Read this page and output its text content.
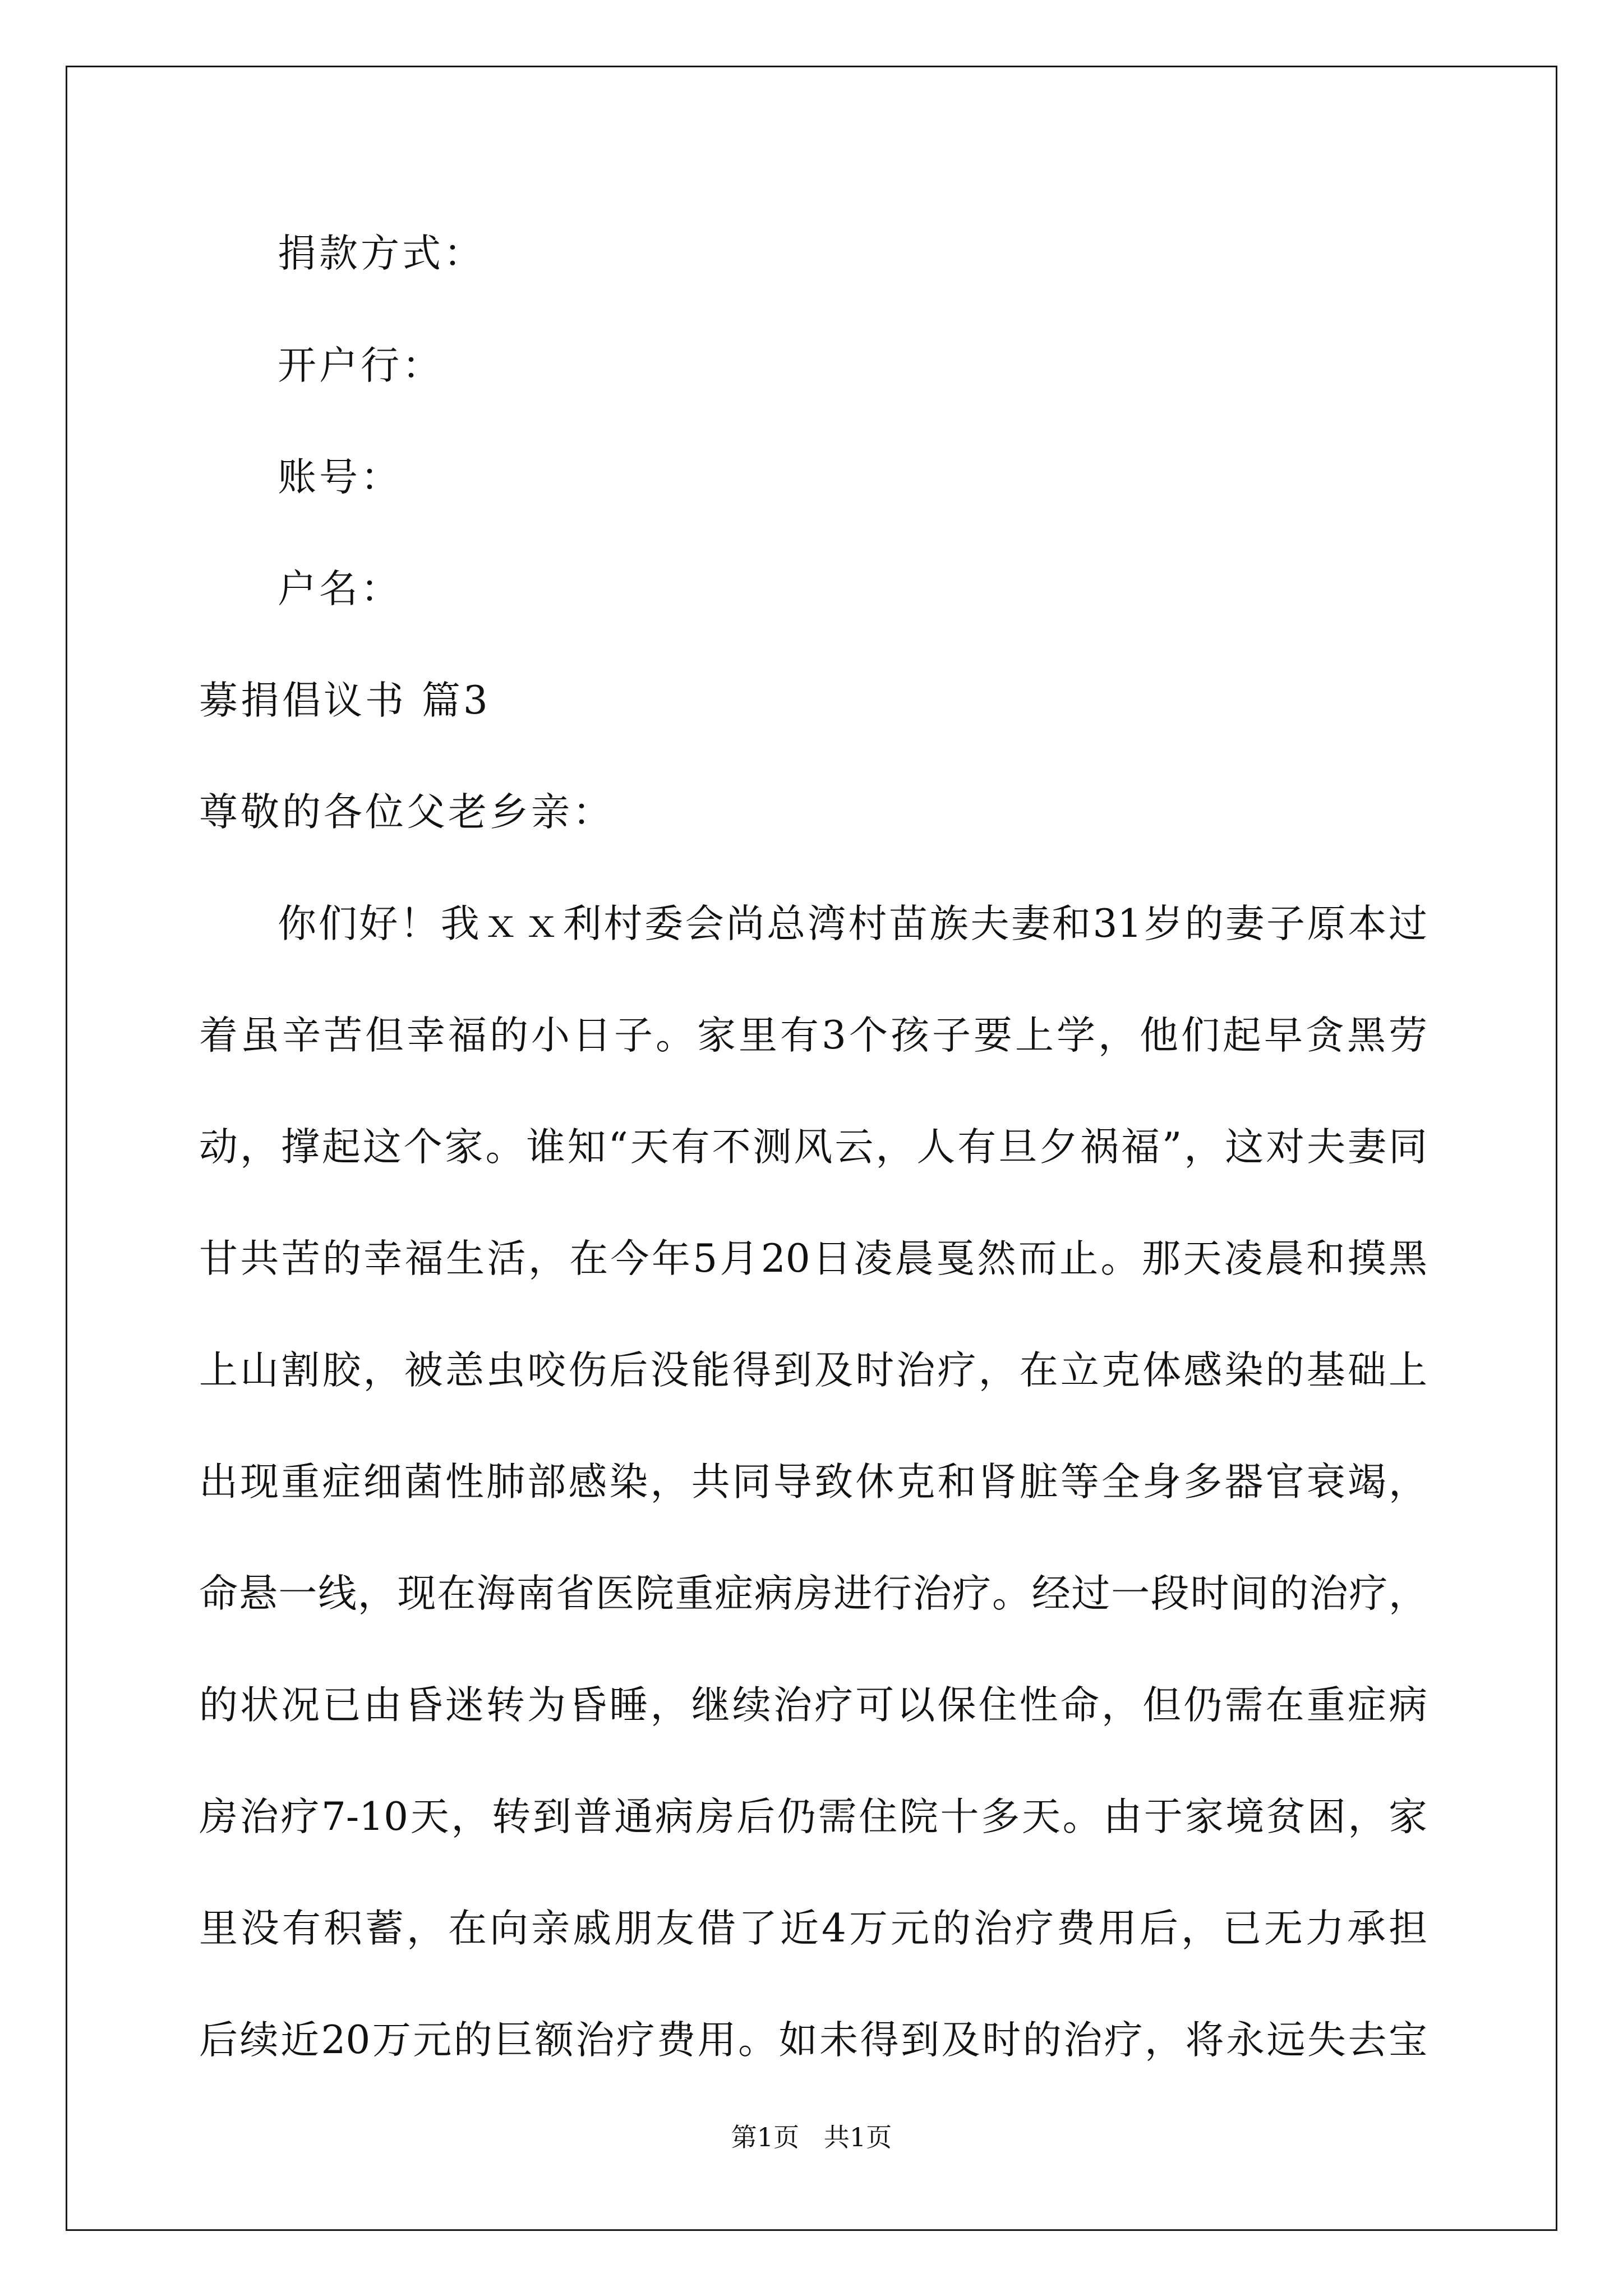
捐款方式：
开户行：
账号：
户名：
募捐倡议书 篇3
尊敬的各位父老乡亲：
你们好！我ｘｘ利村委会尚总湾村苗族夫妻和31岁的妻子原本过
着虽辛苦但幸福的小日子。家里有3个孩子要上学，他们起早贪黑劳
动，撑起这个家。谁知“天有不测风云，人有旦夕祸福”，这对夫妻同
甘共苦的幸福生活，在今年5月20日凌晨戛然而止。那天凌晨和摸黑
上山割胶，被恙虫咬伤后没能得到及时治疗，在立克体感染的基础上
出现重症细菌性肺部感染，共同导致休克和肾脏等全身多器官衰竭，
命悬一线，现在海南省医院重症病房进行治疗。经过一段时间的治疗，
的状况已由昏迷转为昏睡，继续治疗可以保住性命，但仍需在重症病
房治疗7-10天，转到普通病房后仍需住院十多天。由于家境贫困，家
里没有积蓄，在向亲戚朋友借了近4万元的治疗费用后，已无力承担
后续近20万元的巨额治疗费用。如未得到及时的治疗，将永远失去宝
第1页   共1页
